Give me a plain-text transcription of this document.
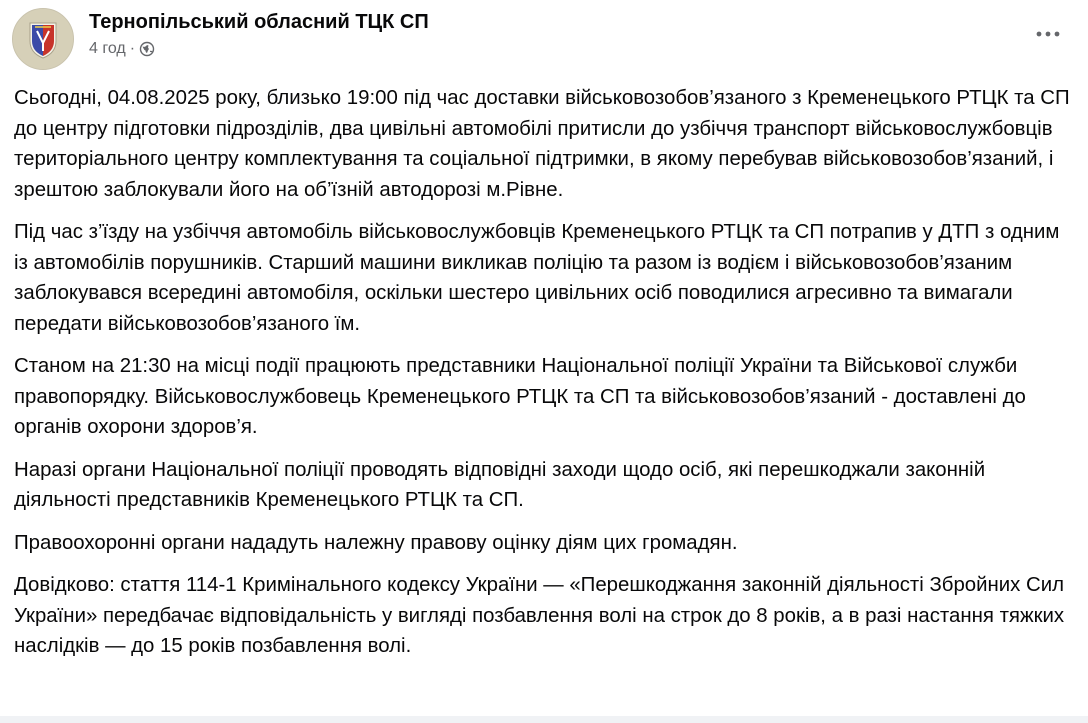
Тернопільський обласний ТЦК СП
4 год ·

Сьогодні, 04.08.2025 року, близько 19:00 під час доставки військовозобов’язаного з Кременецького РТЦК та СП до центру підготовки підрозділів, два цивільні автомобілі притисли до узбіччя транспорт військовослужбовців територіального центру комплектування та соціальної підтримки, в якому перебував військовозобов’язаний, і зрештою заблокували його на об’їзній автодорозі м.Рівне.

Під час з’їзду на узбіччя автомобіль військовослужбовців Кременецького РТЦК та СП потрапив у ДТП з одним із автомобілів порушників. Старший машини викликав поліцію та разом із водієм і військовозобов’язаним заблокувався всередині автомобіля, оскільки шестеро цивільних осіб поводилися агресивно та вимагали передати військовозобов’язаного їм.

Станом на 21:30 на місці події працюють представники Національної поліції України та Військової служби правопорядку. Військовослужбовець Кременецького РТЦК та СП та військовозобов’язаний - доставлені до органів охорони здоров’я.

Наразі органи Національної поліції проводять відповідні заходи щодо осіб, які перешкоджали законній діяльності представників Кременецького РТЦК та СП.

Правоохоронні органи нададуть належну правову оцінку діям цих громадян.

Довідково: стаття 114-1 Кримінального кодексу України — «Перешкоджання законній діяльності Збройних Сил України» передбачає відповідальність у вигляді позбавлення волі на строк до 8 років, а в разі настання тяжких наслідків — до 15 років позбавлення волі.
